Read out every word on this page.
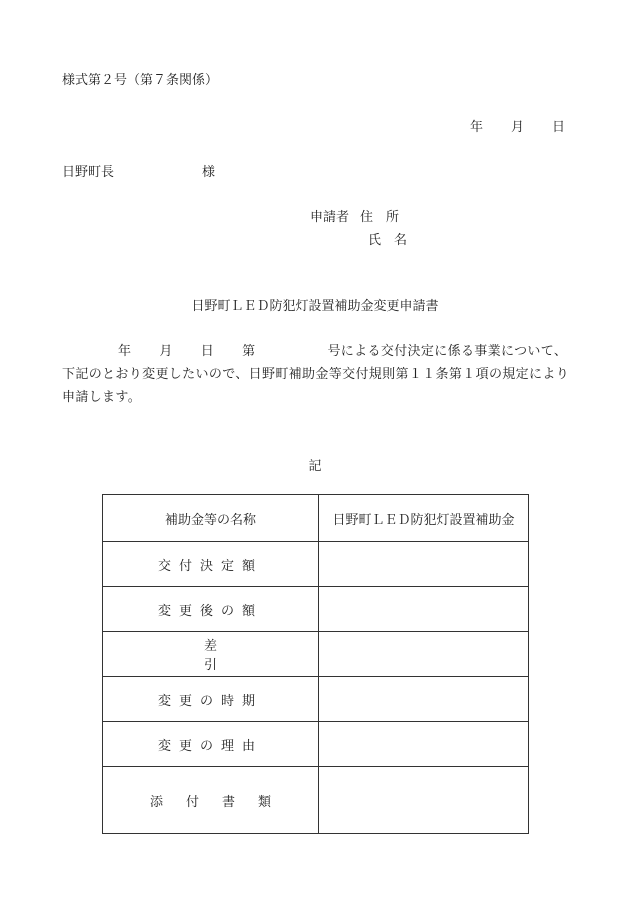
様式第２号（第７条関係）
年 月 日
日野町長	様
申請者 住　所
氏　名
日野町ＬＥＤ防犯灯設置補助金変更申請書
年 月 日 第	号による交付決定に係る事業について、下記のとおり変更したいので、日野町補助金等交付規則第１１条第１項の規定により申請します。
記
補助金等の名称	日野町ＬＥＤ防犯灯設置補助金
交付決定額	
変更後の額	
差引	
変更の時期	
変更の理由	
添付書類	
